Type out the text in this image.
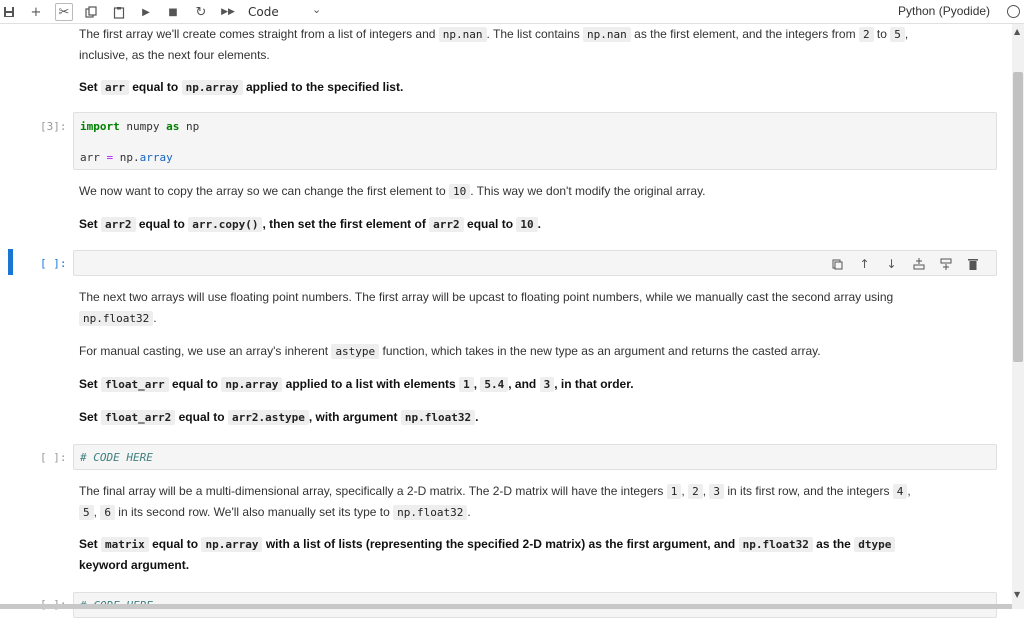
+ ✂	▶	■	↻	▶▶ Code	⌄	Python (Pyodide)
The first array we'll create comes straight from a list of integers and np.nan . The list contains np.nan as the first element, and the integers from 2 to 5 ,
inclusive, as the next four elements.
Set arr equal to np.array applied to the specified list.
[3]: import numpy as np
arr = np.array
We now want to copy the array so we can change the first element to 10 . This way we don't modify the original array.
Set arr2 equal to arr.copy() , then set the first element of arr2 equal to 10 .
[ ]:	↑	↓
The next two arrays will use floating point numbers. The first array will be upcast to floating point numbers, while we manually cast the second array using
np.float32 .
For manual casting, we use an array's inherent astype function, which takes in the new type as an argument and returns the casted array.
Set float_arr equal to np.array applied to a list with elements 1 , 5.4 , and 3 , in that order.
Set float_arr2 equal to arr2.astype , with argument np.float32 .
[ ]: # CODE HERE
The final array will be a multi-dimensional array, specifically a 2-D matrix. The 2-D matrix will have the integers 1 , 2 , 3 in its first row, and the integers 4 ,
5 , 6 in its second row. We'll also manually set its type to np.float32 .
Set matrix equal to np.array with a list of lists (representing the specified 2-D matrix) as the first argument, and np.float32 as the dtype
keyword argument.
▲
▼
